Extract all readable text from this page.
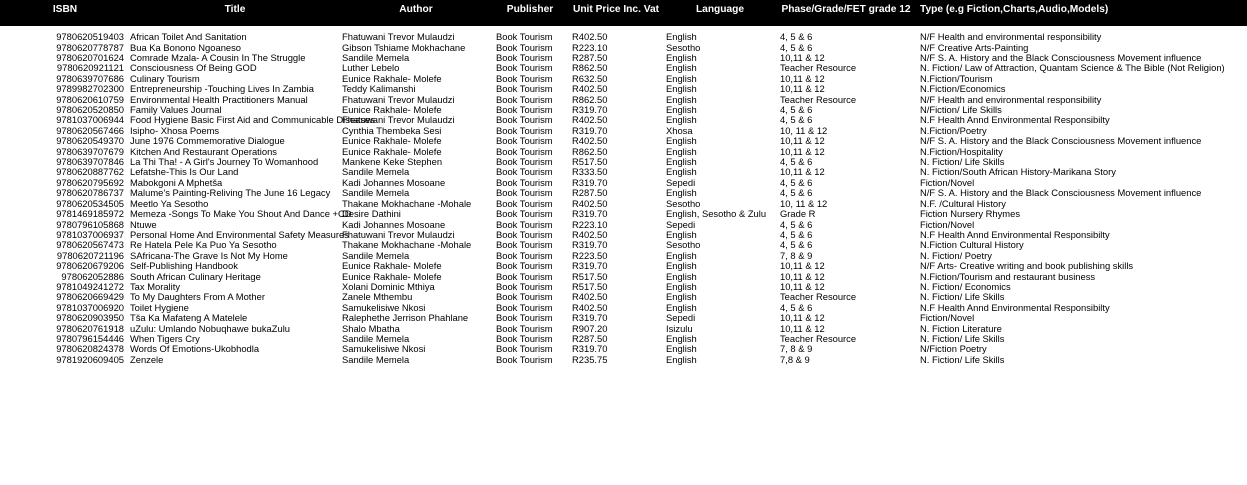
ISBN	Title	Author	Publisher	Unit Price Inc. Vat	Language	Phase/Grade/FET grade 12	Type (e.g Fiction,Charts,Audio,Models)
9780620519403	African Toilet And Sanitation	Fhatuwani Trevor Mulaudzi	Book Tourism	R402.50	English	4, 5 & 6	N/F Health and environmental responsibility
9780620778787	Bua Ka Bonono Ngoaneso	Gibson Tshiame Mokhachane	Book Tourism	R223.10	Sesotho	4, 5 & 6	N/F Creative Arts-Painting
9780620701624	Comrade Mzala- A Cousin In The Struggle	Sandile Memela	Book Tourism	R287.50	English	10,11 & 12	N/F S. A. History and the Black Consciousness Movement influence
9780620921121	Consciousness Of Being GOD	Luther Lebelo	Book Tourism	R862.50	English	Teacher Resource	N. Fiction/ Law of Attraction, Quantam Science & The Bible (Not Religion)
9780639707686	Culinary Tourism	Eunice Rakhale- Molefe	Book Tourism	R632.50	English	10,11 & 12	N.Fiction/Tourism
9789982702300	Entrepreneurship -Touching Lives In Zambia	Teddy Kalimanshi	Book Tourism	R402.50	English	10,11 & 12	N.Fiction/Economics
9780620610759	Environmental Health Practitioners Manual	Fhatuwani Trevor Mulaudzi	Book Tourism	R862.50	English	Teacher Resource	N/F Health and environmental responsibility
9780620520850	Family Values Journal	Eunice Rakhale- Molefe	Book Tourism	R319.70	English	4, 5 & 6	N/Fiction/ Life Skills
9781037006944	Food Hygiene Basic First Aid and Communicable Diseases	Fhatuwani Trevor Mulaudzi	Book Tourism	R402.50	English	4, 5 & 6	N.F Health Annd Environmental Responsibilty
9780620567466	Isipho- Xhosa Poems	Cynthia Thembeka Sesi	Book Tourism	R319.70	Xhosa	10, 11 & 12	N.Fiction/Poetry
9780620549370	June 1976 Commemorative Dialogue	Eunice Rakhale- Molefe	Book Tourism	R402.50	English	10,11 & 12	N/F S. A. History and the Black Consciousness Movement influence
9780639707679	Kitchen And Restaurant Operations	Eunice Rakhale- Molefe	Book Tourism	R862.50	English	10,11 & 12	N.Fiction/Hospitality
9780639707846	La Thi Tha! - A Girl's Journey To Womanhood	Mankene Keke Stephen	Book Tourism	R517.50	English	4, 5 & 6	N. Fiction/ Life Skills
9780620887762	Lefatshe-This Is Our Land	Sandile Memela	Book Tourism	R333.50	English	10,11 & 12	N. Fiction/South African History-Marikana Story
9780620795692	Mabokgoni A Mphetša	Kadi Johannes Mosoane	Book Tourism	R319.70	Sepedi	4, 5 & 6	Fiction/Novel
9780620786737	Malume’s Painting-Reliving The June 16 Legacy	Sandile Memela	Book Tourism	R287.50	English	4, 5 & 6	N/F S. A. History and the Black Consciousness Movement influence
9780620534505	Meetlo Ya Sesotho	Thakane Mokhachane -Mohale	Book Tourism	R402.50	Sesotho	10, 11 & 12	N.F. /Cultural History
9781469185972	Memeza -Songs To Make You Shout And Dance +CD	Desire Dathini	Book Tourism	R319.70	English, Sesotho & Zulu	Grade R	Fiction Nursery Rhymes
9780796105868	Ntuwe	Kadi Johannes Mosoane	Book Tourism	R223.10	Sepedi	4, 5 & 6	Fiction/Novel
9781037006937	Personal Home And Environmental Safety Measures	Fhatuwani Trevor Mulaudzi	Book Tourism	R402.50	English	4, 5 & 6	N.F Health Annd Environmental Responsibilty
9780620567473	Re Hatela Pele Ka Puo Ya Sesotho	Thakane Mokhachane -Mohale	Book Tourism	R319.70	Sesotho	4, 5 & 6	N.Fiction Cultural History
9780620721196	SAfricana-The Grave Is Not My Home	Sandile Memela	Book Tourism	R223.50	English	7, 8 & 9	N. Fiction/ Poetry
9780620679206	Self-Publishing Handbook	Eunice Rakhale- Molefe	Book Tourism	R319.70	English	10,11 & 12	N/F Arts- Creative writing and book publishing skills
978062052886	South African Culinary Heritage	Eunice Rakhale- Molefe	Book Tourism	R517.50	English	10,11 & 12	N.Fiction/Tourism and restaurant business
9781049241272	Tax Morality	Xolani Dominic Mthiya	Book Tourism	R517.50	English	10,11 & 12	N. Fiction/ Economics
9780620669429	To My Daughters From A Mother	Zanele Mthembu	Book Tourism	R402.50	English	Teacher Resource	N. Fiction/ Life Skills
9781037006920	Toilet Hygiene	Samukelisiwe Nkosi	Book Tourism	R402.50	English	4, 5 & 6	N.F Health Annd Environmental Responsibilty
9780620903950	Tša Ka Mafateng A Matelele	Ralephethe Jerrison Phahlane	Book Tourism	R319.70	Sepedi	10,11 & 12	Fiction/Novel
9780620761918	uZulu: Umlando Nobuqhawe bukaZulu	Shalo Mbatha	Book Tourism	R907.20	Isizulu	10,11 & 12	N. Fiction Literature
9780796154446	When Tigers Cry	Sandile Memela	Book Tourism	R287.50	English	Teacher Resource	N. Fiction/ Life Skills
9780620824378	Words Of Emotions-Ukobhodla	Samukelisiwe Nkosi	Book Tourism	R319.70	English	7, 8 & 9	N/Fiction Poetry
9781920609405	Zenzele	Sandile Memela	Book Tourism	R235.75	English	7,8 & 9	N. Fiction/ Life Skills
